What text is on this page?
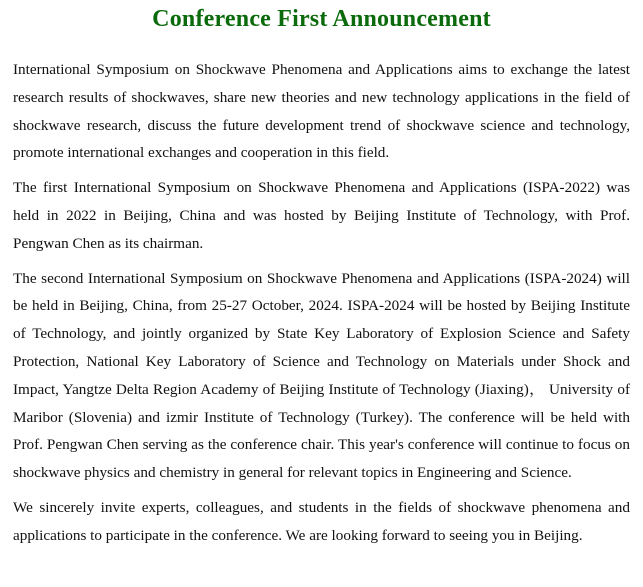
Conference First Announcement

International Symposium on Shockwave Phenomena and Applications aims to exchange the latest research results of shockwaves, share new theories and new technology applications in the field of shockwave research, discuss the future development trend of shockwave science and technology, promote international exchanges and cooperation in this field.

The first International Symposium on Shockwave Phenomena and Applications (ISPA-2022) was held in 2022 in Beijing, China and was hosted by Beijing Institute of Technology, with Prof. Pengwan Chen as its chairman.

The second International Symposium on Shockwave Phenomena and Applications (ISPA-2024) will be held in Beijing, China, from 25-27 October, 2024. ISPA-2024 will be hosted by Beijing Institute of Technology, and jointly organized by State Key Laboratory of Explosion Science and Safety Protection, National Key Laboratory of Science and Technology on Materials under Shock and Impact, Yangtze Delta Region Academy of Beijing Institute of Technology (Jiaxing)， University of Maribor (Slovenia) and izmir Institute of Technology (Turkey). The conference will be held with Prof. Pengwan Chen serving as the conference chair. This year's conference will continue to focus on shockwave physics and chemistry in general for relevant topics in Engineering and Science.

We sincerely invite experts, colleagues, and students in the fields of shockwave phenomena and applications to participate in the conference. We are looking forward to seeing you in Beijing.
